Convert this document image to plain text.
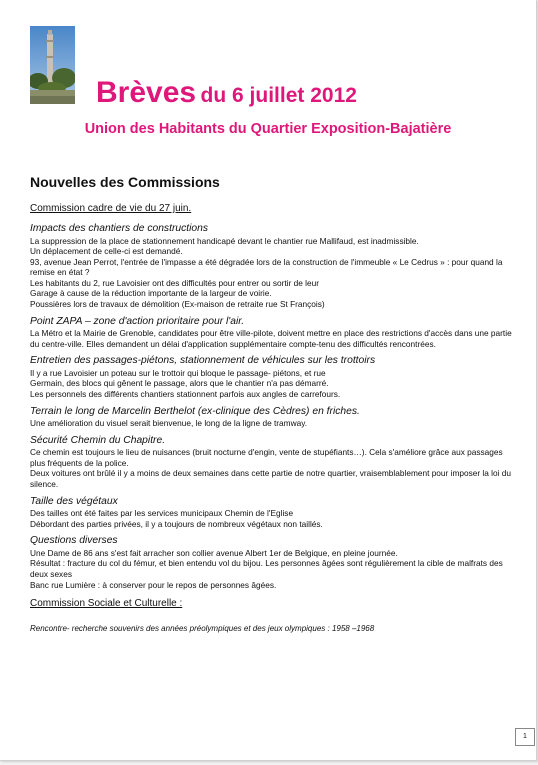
Brèves du 6 juillet 2012
Union des Habitants du Quartier Exposition-Bajatière
Nouvelles des Commissions

Commission cadre de vie du 27 juin.

Impacts des chantiers de constructions

La suppression de la place de stationnement handicapé devant le chantier rue Mallifaud, est inadmissible.

Un déplacement de celle-ci est demandé.

93, avenue Jean Perrot, l'entrée de l'impasse a été dégradée lors de la construction de l'immeuble « Le Cedrus » : pour quand la remise en état ?

Les habitants du 2, rue Lavoisier ont des difficultés pour entrer ou sortir de leur

Garage à cause de la réduction importante de la largeur de voirie.

Poussières lors de travaux de démolition (Ex-maison de retraite rue St François)

Point ZAPA – zone d'action prioritaire pour l'air.

La Métro et la Mairie de Grenoble, candidates pour être ville-pilote, doivent mettre en place des restrictions d'accès dans une partie du centre-ville. Elles demandent un délai d'application supplémentaire compte-tenu des difficultés rencontrées.

Entretien des passages-piétons, stationnement de véhicules sur les trottoirs

Il y a rue Lavoisier un poteau sur le trottoir qui bloque le passage- piétons, et rue

Germain, des blocs qui gênent le passage, alors que le chantier n'a pas démarré.

Les personnels des différents chantiers stationnent parfois aux angles de carrefours.

Terrain le long de Marcelin Berthelot (ex-clinique des Cèdres) en friches.

Une amélioration du visuel serait bienvenue, le long de la ligne de tramway.

Sécurité Chemin du Chapitre.

Ce chemin est toujours le lieu de nuisances (bruit nocturne d'engin, vente de stupéfiants…). Cela s'améliore grâce aux passages plus fréquents de la police.

Deux voitures ont brûlé il y a moins de deux semaines dans cette partie de notre quartier, vraisemblablement pour imposer la loi du silence.

Taille des végétaux

Des tailles ont été faites par les services municipaux Chemin de l'Eglise

Débordant des parties privées, il y a toujours de nombreux végétaux non taillés.

Questions diverses

Une Dame de 86 ans s'est fait arracher son collier avenue Albert 1er de Belgique, en pleine journée.

Résultat : fracture du col du fémur, et bien entendu vol du bijou. Les personnes âgées sont régulièrement la cible de malfrats des deux sexes

Banc rue Lumière : à conserver pour le repos de personnes âgées.

Commission Sociale et Culturelle :

Rencontre- recherche souvenirs des années préolympiques et des jeux olympiques : 1958 –1968

1
